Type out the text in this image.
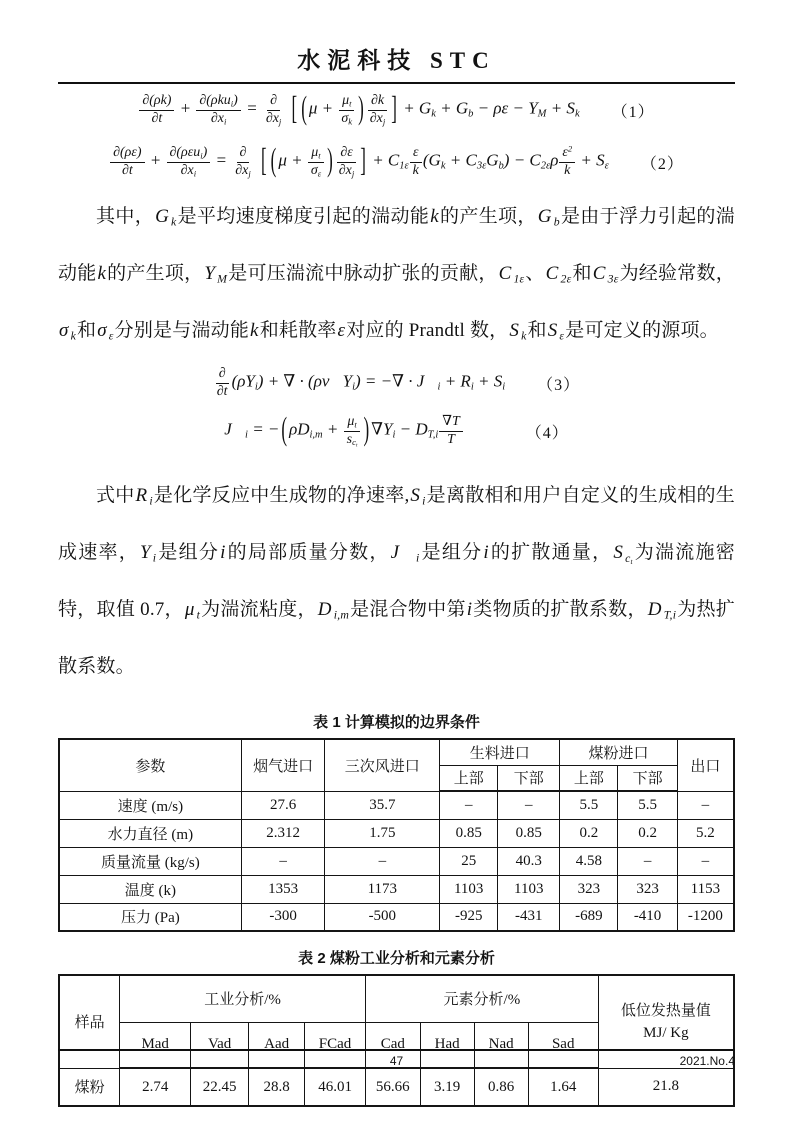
水泥科技 STC
$\frac{\partial(\rho k)}{\partial t} + \frac{\partial(\rho ku_i)}{\partial x_i} = \frac{\partial}{\partial x_j}$ [ ( $\mu + \frac{\mu_t}{\sigma_k}$ ) $\frac{\partial k}{\partial x_j}$ ] + $G_k + G_b - \rho\varepsilon - Y_M + S_k$ （1）
$\frac{\partial(\rho\varepsilon)}{\partial t} + \frac{\partial(\rho\varepsilon u_i)}{\partial x_i} = \frac{\partial}{\partial x_j}$ [ ( $\mu + \frac{\mu_t}{\sigma_\varepsilon}$ ) $\frac{\partial\varepsilon}{\partial x_j}$ ] + $C_{1\varepsilon} \frac{\varepsilon}{k} (G_k + C_{3\varepsilon}G_b) - C_{2\varepsilon}\rho \frac{\varepsilon^2}{k} + S_\varepsilon$ （2）

其中，G $_k$是平均速度梯度引起的湍动能k的产生项，G $_b$是由于浮力引起的湍动能k的产生项，Y $_M$是可压湍流中脉动扩张的贡献，C $_{1\varepsilon}$、C $_{2\varepsilon}$和C $_{3\varepsilon}$为经验常数，σ $_k$和σ $_\varepsilon$分别是与湍动能k和耗散率ε对应的 Prandtl 数，S $_k$和S $_\varepsilon$是可定义的源项。

$\frac{\partial}{\partial t} (\rho Y_i)$ + ∇ · $(\rho v⃗Y_i)$ = −∇ · $J⃗_i + R_i + S_i$ （3）
$J⃗_i$ = − ( $\rho D_{i,m} + \frac{\mu_t}{s_{c_t}}$ ) $\nabla Y_i - D_{T,i} \frac{\nabla T}{T}$	（4）

式中R $_i$是化学反应中生成物的净速率,S $_i$是离散相和用户自定义的生成相的生成速率，Y $_i$是组分i的局部质量分数，J⃗ $_i$是组分i的扩散通量，S $_{c_t}$为湍流施密特，取值 0.7，μ $_t$为湍流粘度，D $_{i,m}$是混合物中第i类物质的扩散系数，D $_{T,i}$为热扩散系数。

表 1 计算模拟的边界条件
参数	烟气进口	三次风进口	生料进口		煤粉进口		出口
			上部	下部	上部	下部	
速度 (m/s)	27.6	35.7	–	–	5.5	5.5	–
水力直径 (m)	2.312	1.75	0.85	0.85	0.2	0.2	5.2
质量流量 (kg/s)	–	–	25	40.3	4.58	–	–
温度 (k)	1353	1173	1103	1103	323	323	1153
压力 (Pa)	-300	-500	-925	-431	-689	-410	-1200
表 2 煤粉工业分析和元素分析
样品	工业分析/%				元素分析/%				低位发热量值
MJ/ Kg

	Mad	Vad	Aad	FCad	Cad	Had	Nad	Sad	
煤粉	2.74	22.45	28.8	46.01	56.66	3.19	0.86	1.64	21.8
47	2021.No.4
